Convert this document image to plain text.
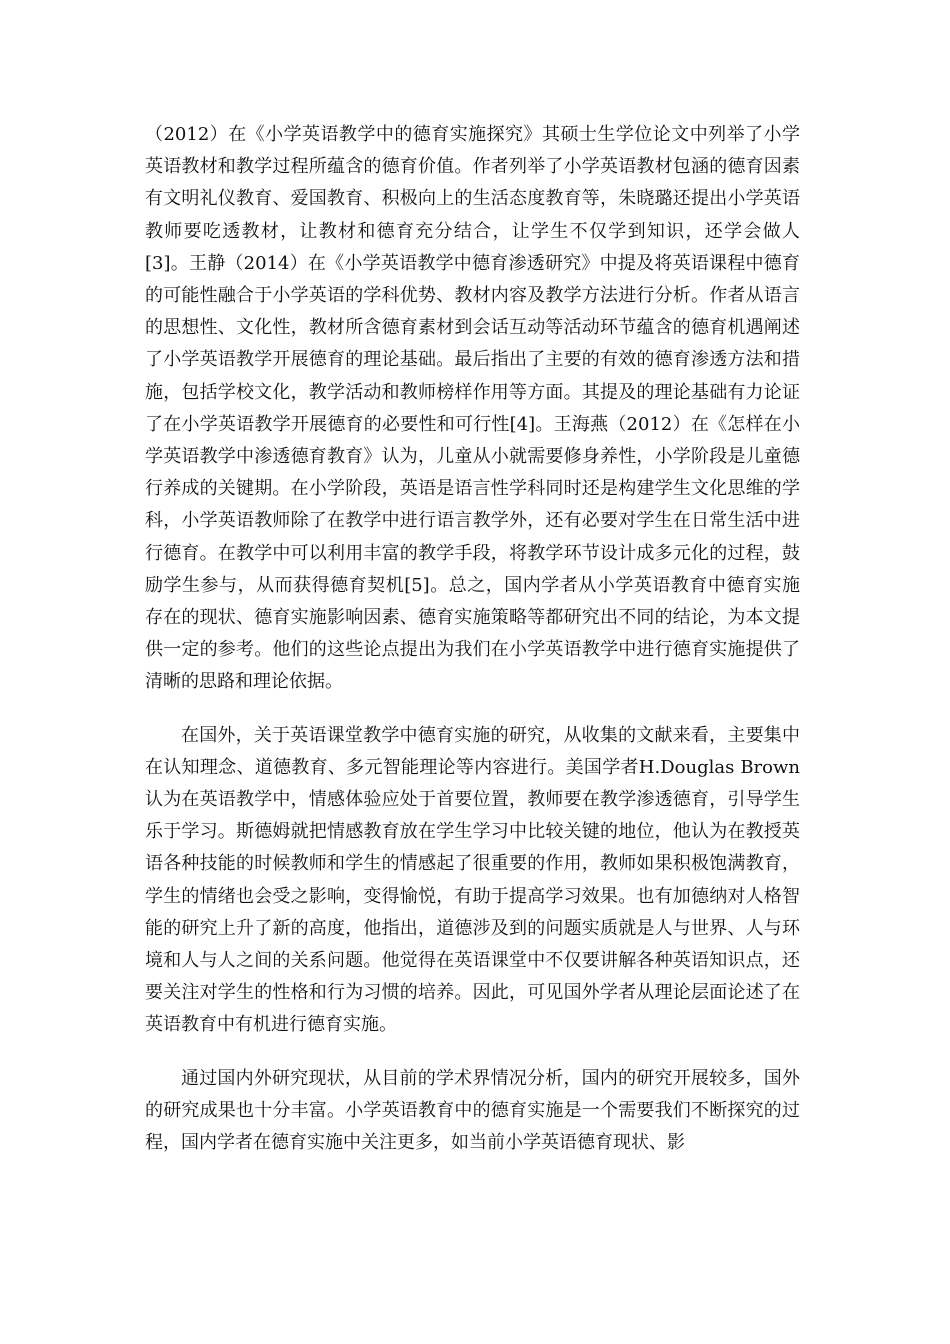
（2012）在《小学英语教学中的德育实施探究》其硕士生学位论文中列举了小学英语教材和教学过程所蕴含的德育价值。作者列举了小学英语教材包涵的德育因素有文明礼仪教育、爱国教育、积极向上的生活态度教育等，朱晓璐还提出小学英语教师要吃透教材，让教材和德育充分结合，让学生不仅学到知识，还学会做人[3]。王静（2014）在《小学英语教学中德育渗透研究》中提及将英语课程中德育的可能性融合于小学英语的学科优势、教材内容及教学方法进行分析。作者从语言的思想性、文化性，教材所含德育素材到会话互动等活动环节蕴含的德育机遇阐述了小学英语教学开展德育的理论基础。最后指出了主要的有效的德育渗透方法和措施，包括学校文化，教学活动和教师榜样作用等方面。其提及的理论基础有力论证了在小学英语教学开展德育的必要性和可行性[4]。王海燕（2012）在《怎样在小学英语教学中渗透德育教育》认为，儿童从小就需要修身养性，小学阶段是儿童德行养成的关键期。在小学阶段，英语是语言性学科同时还是构建学生文化思维的学科，小学英语教师除了在教学中进行语言教学外，还有必要对学生在日常生活中进行德育。在教学中可以利用丰富的教学手段，将教学环节设计成多元化的过程，鼓励学生参与，从而获得德育契机[5]。总之，国内学者从小学英语教育中德育实施存在的现状、德育实施影响因素、德育实施策略等都研究出不同的结论，为本文提供一定的参考。他们的这些论点提出为我们在小学英语教学中进行德育实施提供了清晰的思路和理论依据。

在国外，关于英语课堂教学中德育实施的研究，从收集的文献来看，主要集中在认知理念、道德教育、多元智能理论等内容进行。美国学者H.Douglas Brown 认为在英语教学中，情感体验应处于首要位置，教师要在教学渗透德育，引导学生乐于学习。斯德姆就把情感教育放在学生学习中比较关键的地位，他认为在教授英语各种技能的时候教师和学生的情感起了很重要的作用，教师如果积极饱满教育，学生的情绪也会受之影响，变得愉悦，有助于提高学习效果。也有加德纳对人格智能的研究上升了新的高度，他指出，道德涉及到的问题实质就是人与世界、人与环境和人与人之间的关系问题。他觉得在英语课堂中不仅要讲解各种英语知识点，还要关注对学生的性格和行为习惯的培养。因此，可见国外学者从理论层面论述了在英语教育中有机进行德育实施。

通过国内外研究现状，从目前的学术界情况分析，国内的研究开展较多，国外的研究成果也十分丰富。小学英语教育中的德育实施是一个需要我们不断探究的过程，国内学者在德育实施中关注更多，如当前小学英语德育现状、影
